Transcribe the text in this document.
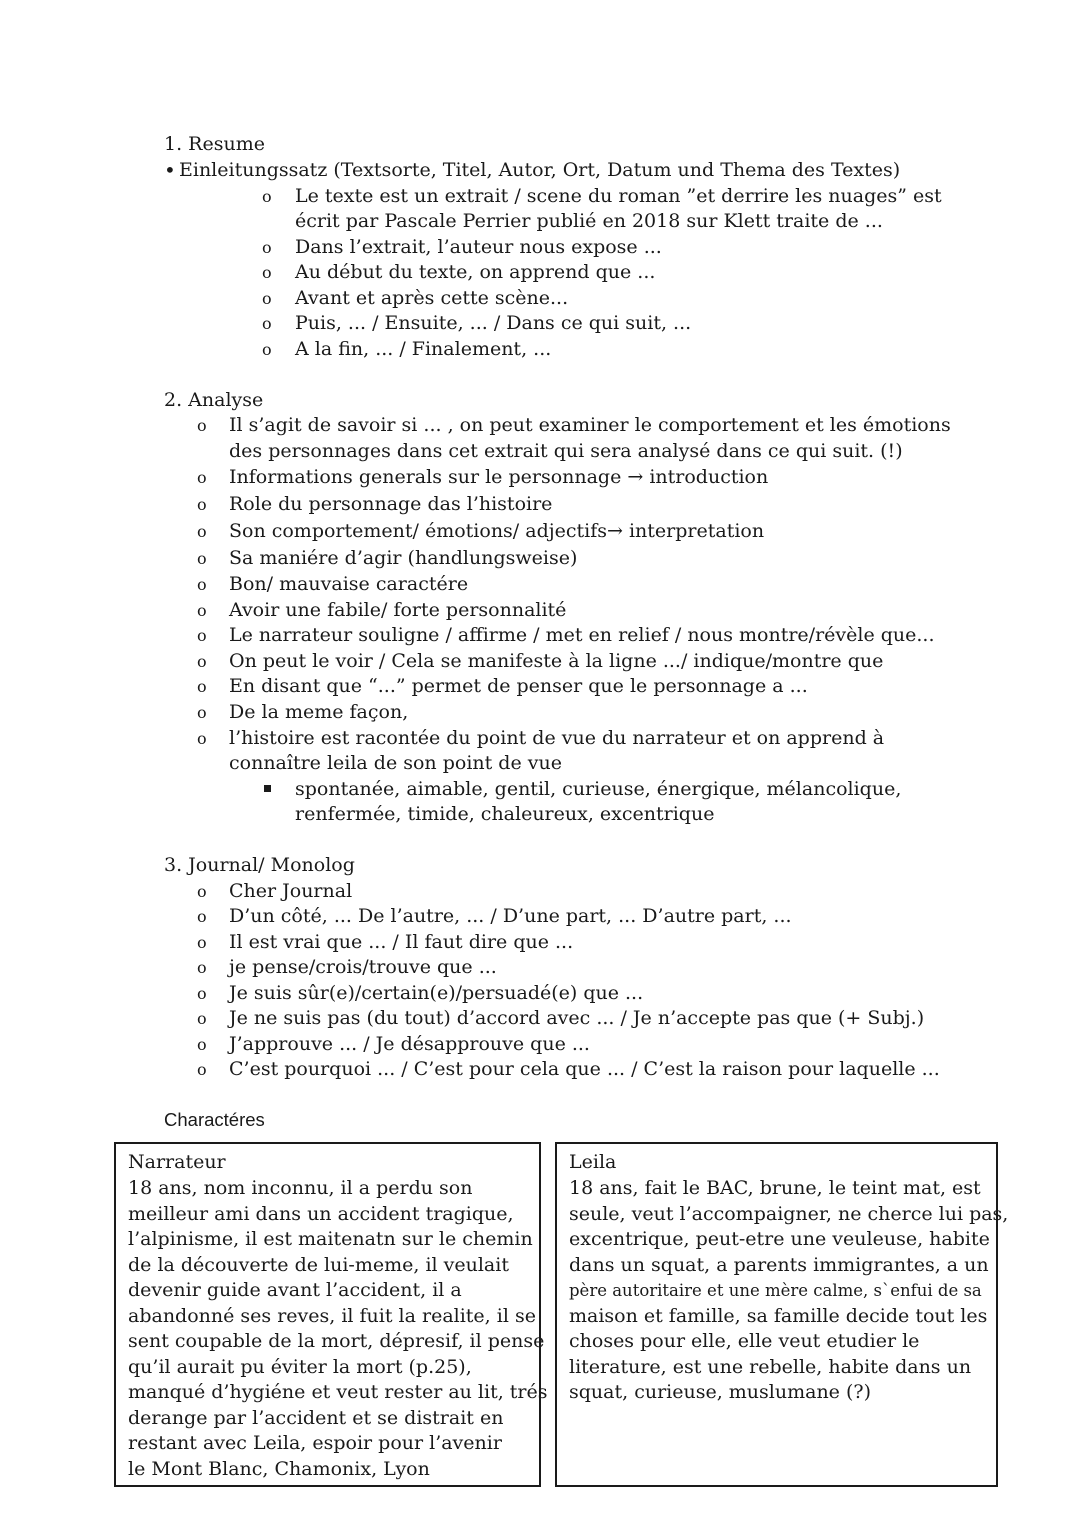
1. Resume
• Einleitungssatz (Textsorte, Titel, Autor, Ort, Datum und Thema des Textes)
o Le texte est un extrait / scene du roman ”et derrire les nuages” est
écrit par Pascale Perrier publié en 2018 sur Klett traite de ...
o Dans l’extrait, l’auteur nous expose ...
o Au début du texte, on apprend que ...
o Avant et après cette scène...
o Puis, ... / Ensuite, ... / Dans ce qui suit, ...
o A la fin, ... / Finalement, ...
2. Analyse
o Il s’agit de savoir si ... , on peut examiner le comportement et les émotions
des personnages dans cet extrait qui sera analysé dans ce qui suit. (!)
o Informations generals sur le personnage → introduction
o Role du personnage das l’histoire
o Son comportement/ émotions/ adjectifs→ interpretation
o Sa maniére d’agir (handlungsweise)
o Bon/ mauvaise caractére
o Avoir une fabile/ forte personnalité
o Le narrateur souligne / affirme / met en relief / nous montre/révèle que...
o On peut le voir / Cela se manifeste à la ligne .../ indique/montre que
o En disant que “...” permet de penser que le personnage a ...
o De la meme façon,
o l’histoire est racontée du point de vue du narrateur et on apprend à
connaître leila de son point de vue
spontanée, aimable, gentil, curieuse, énergique, mélancolique,
renfermée, timide, chaleureux, excentrique
3. Journal/ Monolog
o Cher Journal
o D’un côté, ... De l’autre, ... / D’une part, ... D’autre part, ...
o Il est vrai que ... / Il faut dire que ...
o je pense/crois/trouve que ...
o Je suis sûr(e)/certain(e)/persuadé(e) que ...
o Je ne suis pas (du tout) d’accord avec ... / Je n’accepte pas que (+ Subj.)
o J’approuve ... / Je désapprouve que ...
o C’est pourquoi ... / C’est pour cela que ... / C’est la raison pour laquelle ...
Charactéres
Narrateur
18 ans, nom inconnu, il a perdu son
meilleur ami dans un accident tragique,
l’alpinisme, il est maitenatn sur le chemin
de la découverte de lui-meme, il veulait
devenir guide avant l’accident, il a
abandonné ses reves, il fuit la realite, il se
sent coupable de la mort, dépresif, il pense
qu’il aurait pu éviter la mort (p.25),
manqué d’hygiéne et veut rester au lit, trés
derange par l’accident et se distrait en
restant avec Leila, espoir pour l’avenir
le Mont Blanc, Chamonix, Lyon
Leila
18 ans, fait le BAC, brune, le teint mat, est
seule, veut l’accompaigner, ne cherce lui pas,
excentrique, peut-etre une veuleuse, habite
dans un squat, a parents immigrantes, a un
père autoritaire et une mère calme, s`enfui de sa
maison et famille, sa famille decide tout les
choses pour elle, elle veut etudier le
literature, est une rebelle, habite dans un
squat, curieuse, muslumane (?)
